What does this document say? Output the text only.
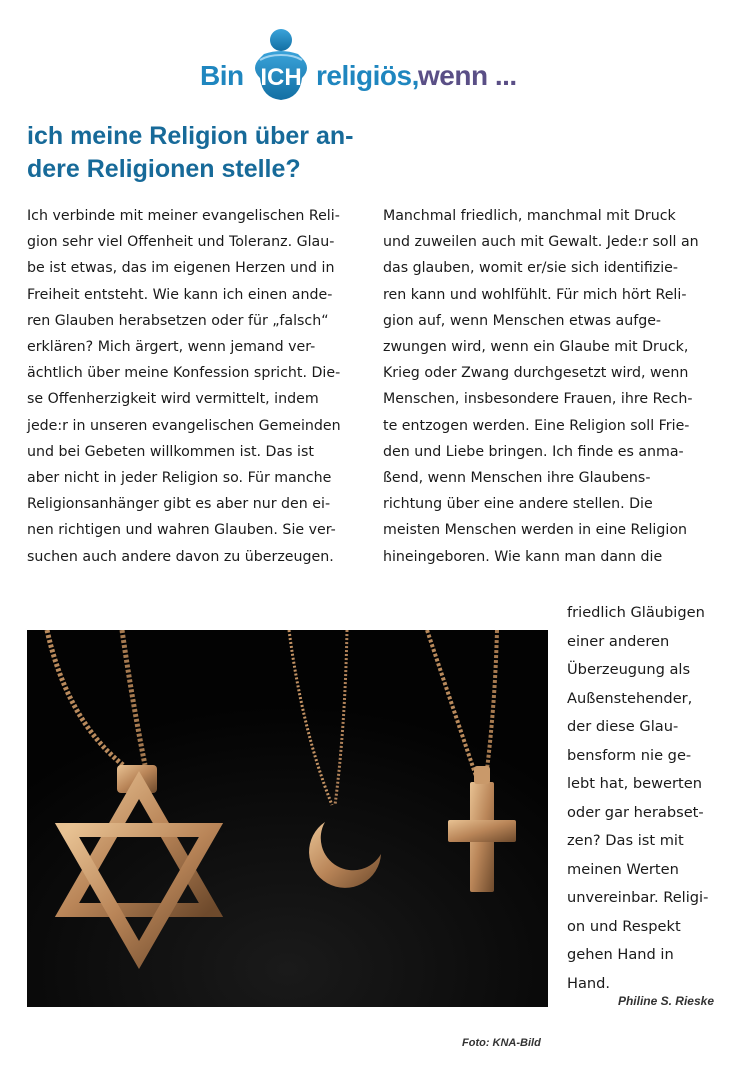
Bin ICH religiös, wenn ...
ich meine Religion über an-
dere Religionen stelle?
Ich verbinde mit meiner evangelischen Reli-
gion sehr viel Offenheit und Toleranz. Glau-
be ist etwas, das im eigenen Herzen und in
Freiheit entsteht. Wie kann ich einen ande-
ren Glauben herabsetzen oder für „falsch“
erklären? Mich ärgert, wenn jemand ver-
ächtlich über meine Konfession spricht. Die-
se Offenherzigkeit wird vermittelt, indem
jede:r in unseren evangelischen Gemeinden
und bei Gebeten willkommen ist. Das ist
aber nicht in jeder Religion so. Für manche
Religionsanhänger gibt es aber nur den ei-
nen richtigen und wahren Glauben. Sie ver-
suchen auch andere davon zu überzeugen.
Manchmal friedlich, manchmal mit Druck
und zuweilen auch mit Gewalt. Jede:r soll an
das glauben, womit er/sie sich identifizie-
ren kann und wohlfühlt. Für mich hört Reli-
gion auf, wenn Menschen etwas aufge-
zwungen wird, wenn ein Glaube mit Druck,
Krieg oder Zwang durchgesetzt wird, wenn
Menschen, insbesondere Frauen, ihre Rech-
te entzogen werden. Eine Religion soll Frie-
den und Liebe bringen. Ich finde es anma-
ßend, wenn Menschen ihre Glaubens-
richtung über eine andere stellen. Die
meisten Menschen werden in eine Religion
hineingeboren. Wie kann man dann die
friedlich Gläubigen
einer anderen
Überzeugung als
Außenstehender,
der diese Glau-
bensform nie ge-
lebt hat, bewerten
oder gar herabset-
zen? Das ist mit
meinen Werten
unvereinbar. Religi-
on und Respekt
gehen Hand in
Hand.
Philine S. Rieske
Foto: KNA-Bild
